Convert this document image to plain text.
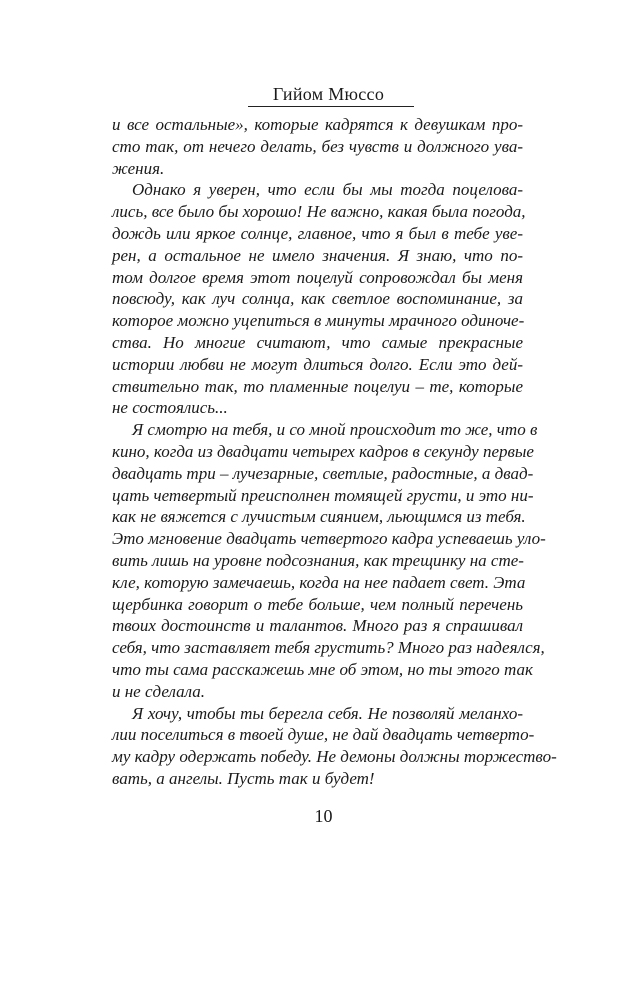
Гийом Мюссо
и все остальные», которые кадрятся к девушкам про-
сто так, от нечего делать, без чувств и должного ува-
жения.
Однако я уверен, что если бы мы тогда поцелова-
лись, все было бы хорошо! Не важно, какая была погода,
дождь или яркое солнце, главное, что я был в тебе уве-
рен, а остальное не имело значения. Я знаю, что по-
том долгое время этот поцелуй сопровождал бы меня
повсюду, как луч солнца, как светлое воспоминание, за
которое можно уцепиться в минуты мрачного одиноче-
ства. Но многие считают, что самые прекрасные
истории любви не могут длиться долго. Если это дей-
ствительно так, то пламенные поцелуи – те, которые
не состоялись...
Я смотрю на тебя, и со мной происходит то же, что в
кино, когда из двадцати четырех кадров в секунду первые
двадцать три – лучезарные, светлые, радостные, а двад-
цать четвертый преисполнен томящей грусти, и это ни-
как не вяжется с лучистым сиянием, льющимся из тебя.
Это мгновение двадцать четвертого кадра успеваешь уло-
вить лишь на уровне подсознания, как трещинку на сте-
кле, которую замечаешь, когда на нее падает свет. Эта
щербинка говорит о тебе больше, чем полный перечень
твоих достоинств и талантов. Много раз я спрашивал
себя, что заставляет тебя грустить? Много раз надеялся,
что ты сама расскажешь мне об этом, но ты этого так
и не сделала.
Я хочу, чтобы ты берегла себя. Не позволяй меланхо-
лии поселиться в твоей душе, не дай двадцать четверто-
му кадру одержать победу. Не демоны должны торжество-
вать, а ангелы. Пусть так и будет!
10
